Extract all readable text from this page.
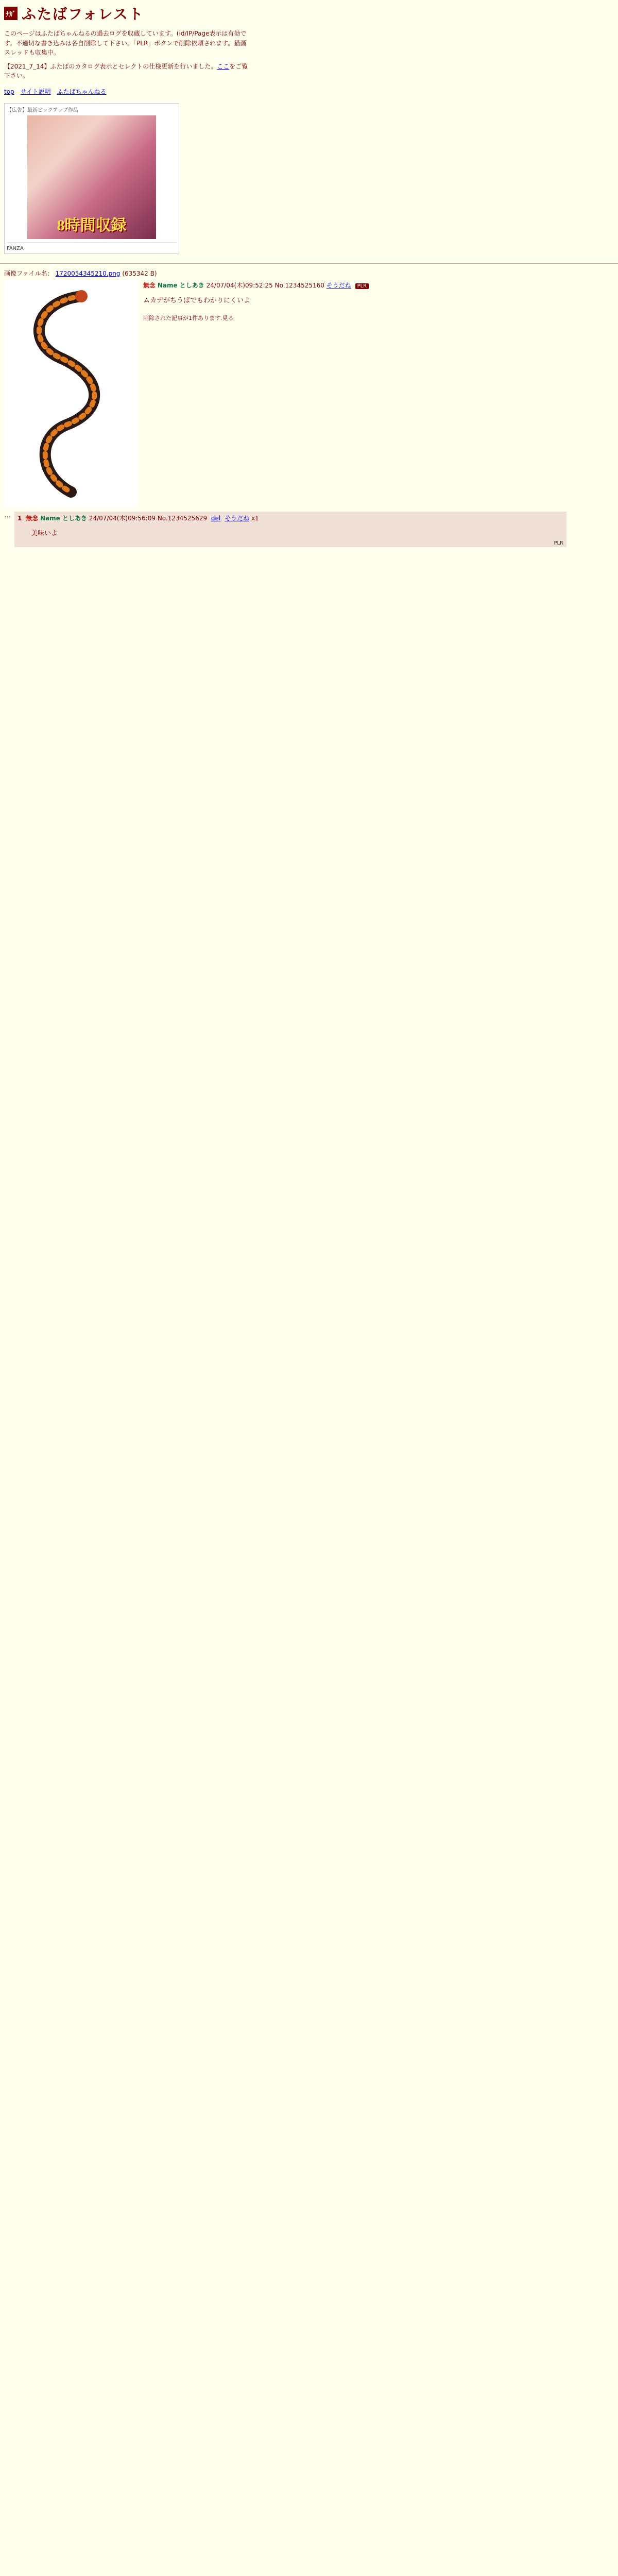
ﾅｶﾞ ふたばフォレスト
このページはふたばちゃんねるの過去ログを収蔵しています。(id/IP/Page表示は有効です。不適切な書き込みは各自削除して下さい。「PLR」ボタンで削除依頼されます。猫画スレッドも収集中。
【2021_7_14】ふたばのカタログ表示とセレクトの仕様更新を行いました。ここをご覧下さい。
top サイト説明 ふたばちゃんねる
【広告】最新ピックアップ作品
8時間収録
FANZA
画像ファイル名： 1720054345210.png (635342 B)
無念 Name としあき 24/07/04(木)09:52:25 No.1234525160 そうだね PLR
ムカデがちうばでもわかりにくいよ
削除された記事が1件あります.見る
…	1 無念 Name としあき 24/07/04(木)09:56:09 No.1234525629 del そうだね x1
美味いよ
PLR
